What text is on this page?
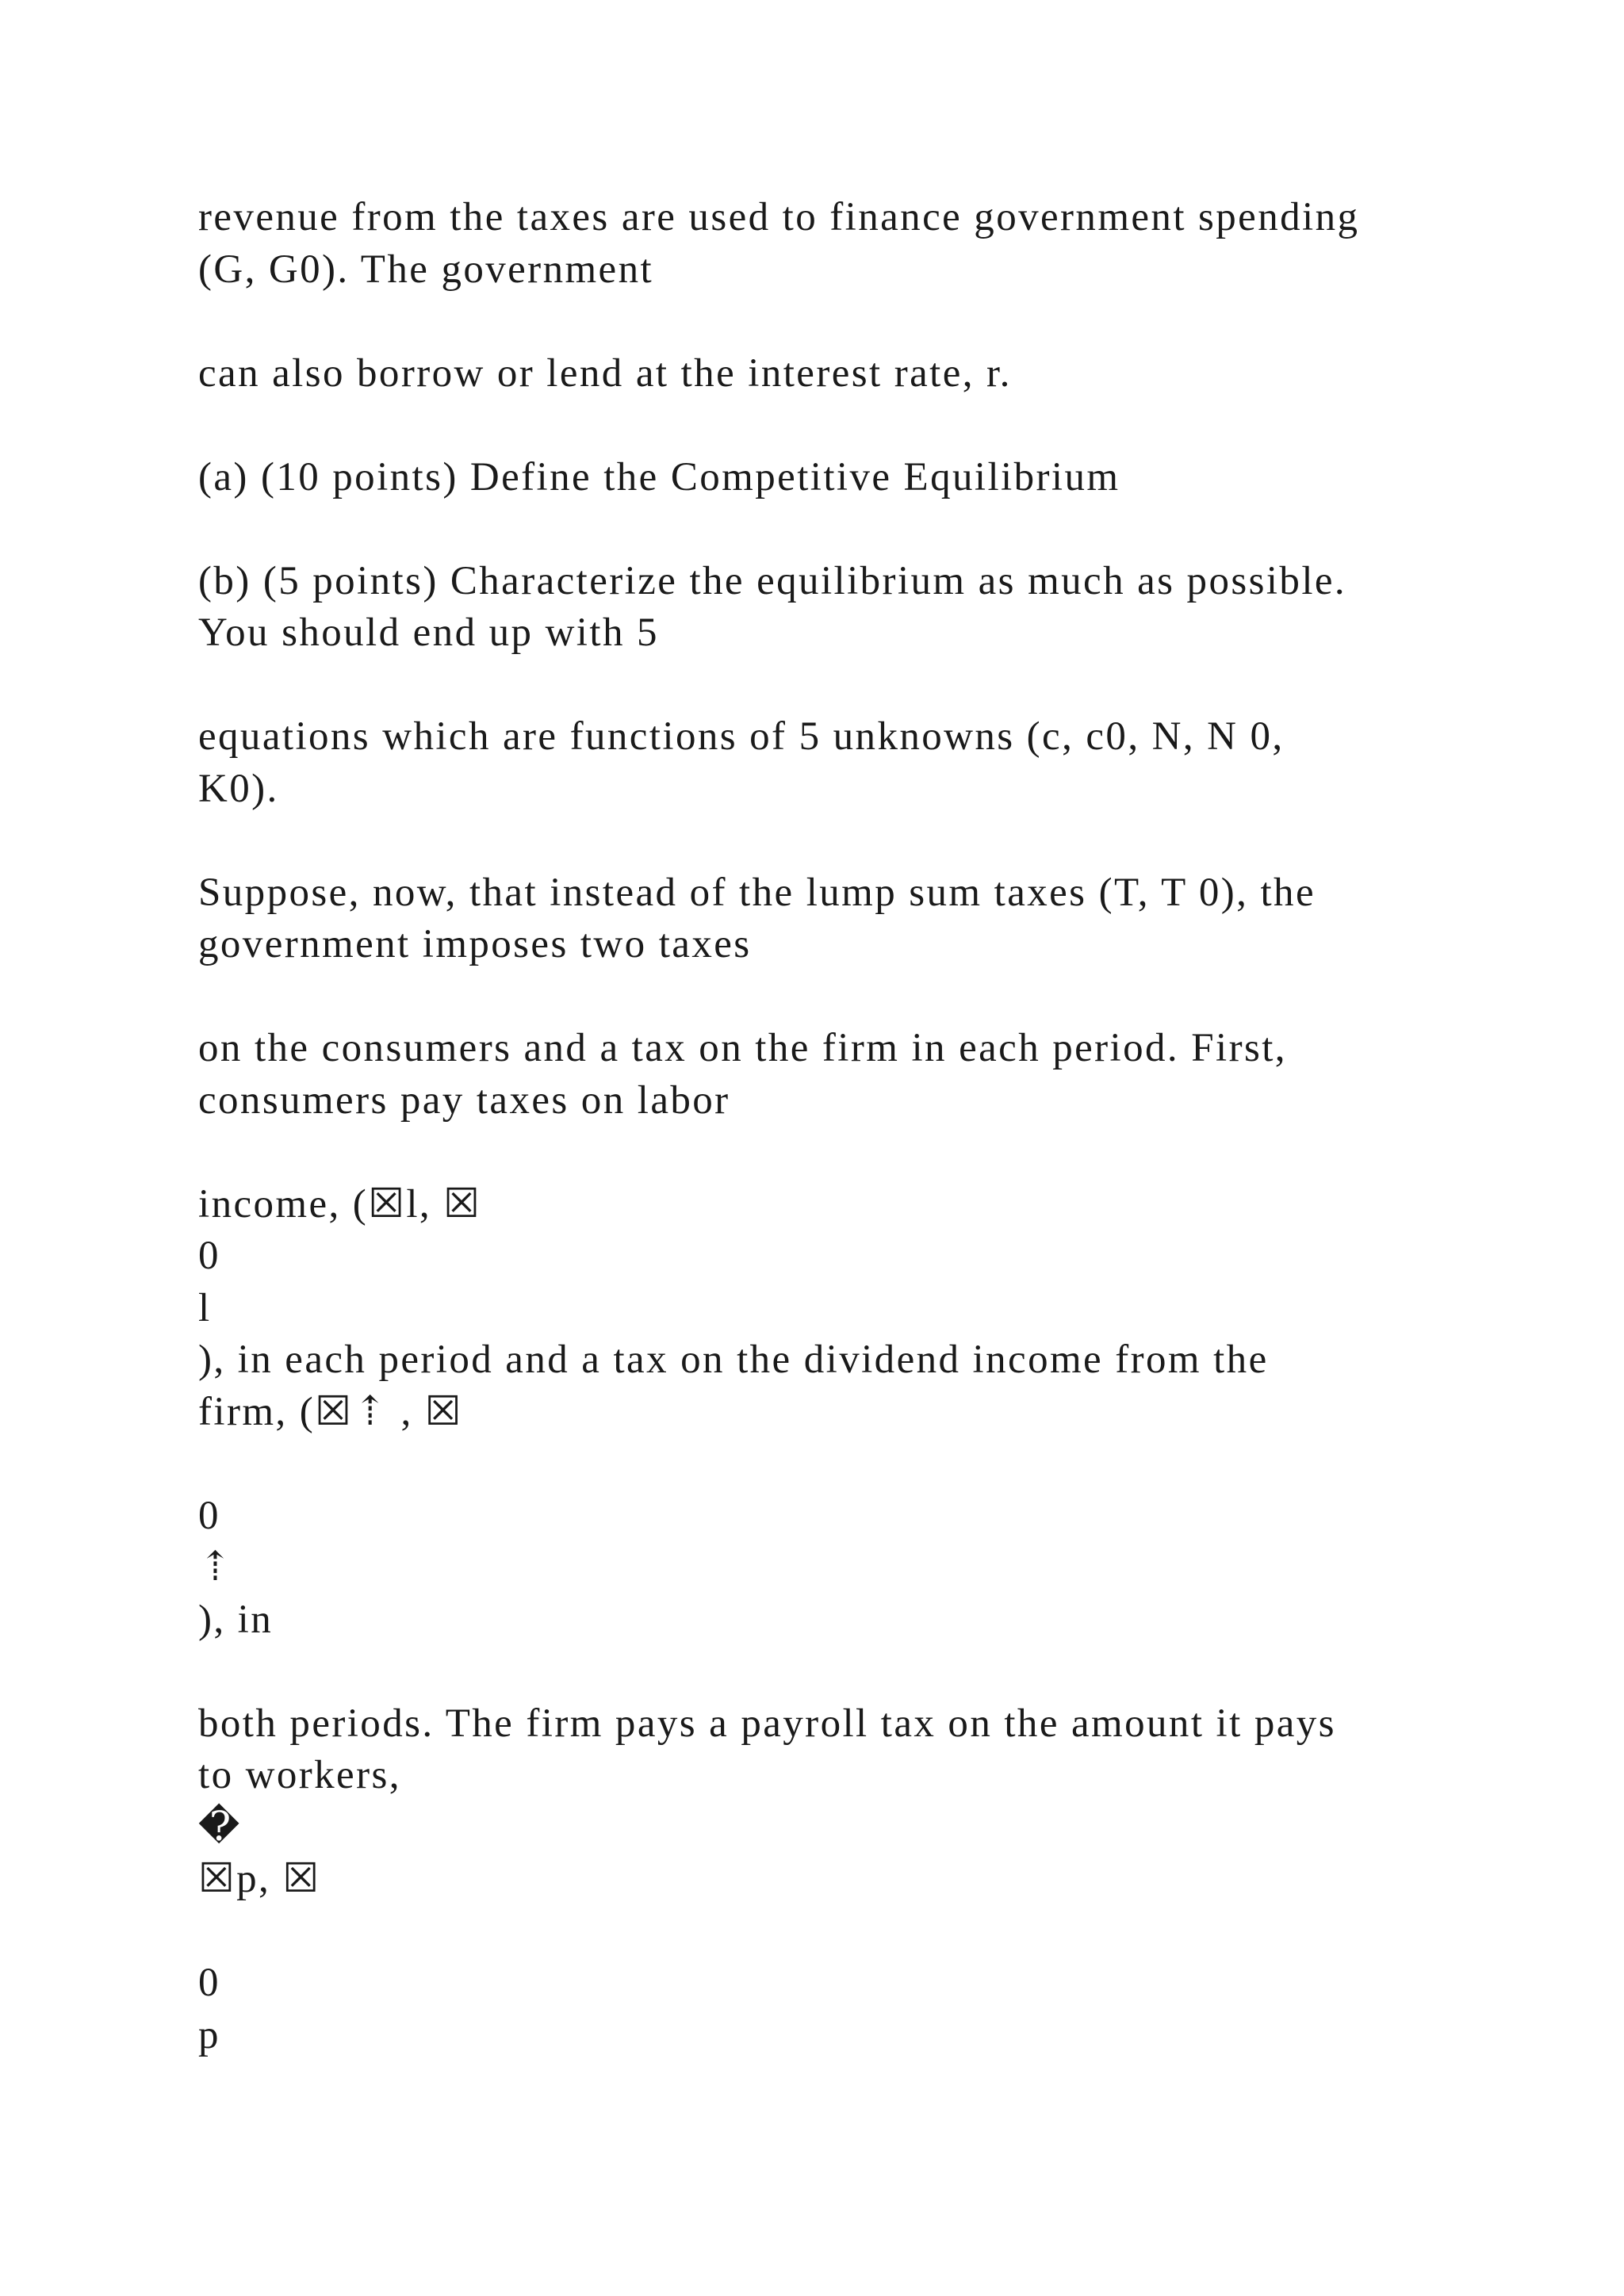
revenue from the taxes are used to finance government spending
(G, G0). The government
can also borrow or lend at the interest rate, r.
(a) (10 points) Define the Competitive Equilibrium
(b) (5 points) Characterize the equilibrium as much as possible.
You should end up with 5
equations which are functions of 5 unknowns (c, c0, N, N 0,
K0).
Suppose, now, that instead of the lump sum taxes (T, T 0), the
government imposes two taxes
on the consumers and a tax on the firm in each period. First,
consumers pay taxes on labor
income, (☒l, ☒
0
l
), in each period and a tax on the dividend income from the
firm, (☒⇡ , ☒
0
⇡
), in
both periods. The firm pays a payroll tax on the amount it pays
to workers,
�
☒p, ☒
0
p
